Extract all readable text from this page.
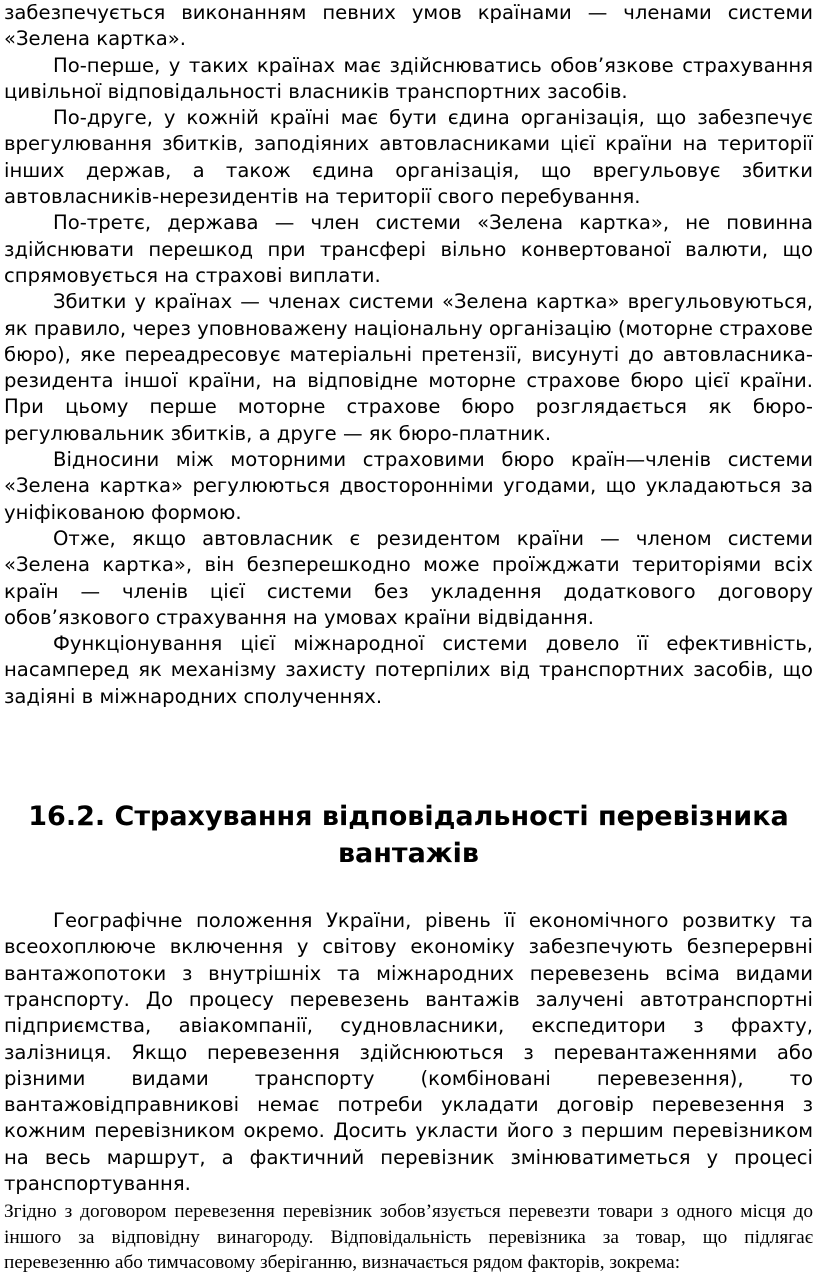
забезпечується виконанням певних умов країнами — членами системи «Зелена картка».

По-перше, у таких країнах має здійснюватись обов’язкове страхування цивільної відповідальності власників транспортних засобів.

По-друге, у кожній країні має бути єдина організація, що забезпечує врегулювання збитків, заподіяних автовласниками цієї країни на території інших держав, а також єдина організація, що врегульовує збитки автовласників-нерезидентів на території свого перебування.

По-третє, держава — член системи «Зелена картка», не повинна здійснювати перешкод при трансфері вільно конвертованої валюти, що спрямовується на страхові виплати.

Збитки у країнах — членах системи «Зелена картка» врегульовуються, як правило, через уповноважену національну організацію (моторне страхове бюро), яке переадресовує матеріальні претензії, висунуті до автовласника-резидента іншої країни, на відповідне моторне страхове бюро цієї країни. При цьому перше моторне страхове бюро розглядається як бюро-регулювальник збитків, а друге — як бюро-платник.

Відносини між моторними страховими бюро країн—членів системи «Зелена картка» регулюються двосторонніми угодами, що укладаються за уніфікованою формою.

Отже, якщо автовласник є резидентом країни — членом системи «Зелена картка», він безперешкодно може проїжджати територіями всіх країн — членів цієї системи без укладення додаткового договору обов’язкового страхування на умовах країни відвідання.

Функціонування цієї міжнародної системи довело її ефективність, насамперед як механізму захисту потерпілих від транспортних засобів, що задіяні в міжнародних сполученнях.

16.2. Страхування відповідальності перевізника
вантажів

Географічне положення України, рівень її економічного розвитку та всеохоплююче включення у світову економіку забезпечують безперервні вантажопотоки з внутрішніх та міжнародних перевезень всіма видами транспорту. До процесу перевезень вантажів залучені автотранспортні підприємства, авіакомпанії, судновласники, експедитори з фрахту, залізниця. Якщо перевезення здійснюються з перевантаженнями або різними видами транспорту (комбіновані перевезення), то вантажовідправникові немає потреби укладати договір перевезення з кожним перевізником окремо. Досить укласти його з першим перевізником на весь маршрут, а фактичний перевізник змінюватиметься у процесі транспортування.

Згідно з договором перевезення перевізник зобов’язується перевезти товари з одного місця до іншого за відповідну винагороду. Відповідальність перевізника за товар, що підлягає перевезенню або тимчасовому зберіганню, визначається рядом факторів, зокрема:
